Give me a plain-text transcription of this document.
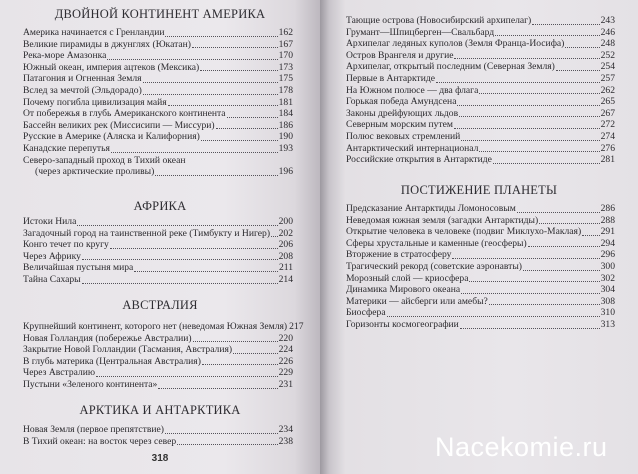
ДВОЙНОЙ КОНТИНЕНТ АМЕРИКА
Америка начинается с Гренландии	162
Великие пирамиды в джунглях (Юкатан)	167
Река-море Амазонка	170
Южный океан, империя ацтеков (Мексика)	173
Патагония и Огненная Земля	175
Вслед за мечтой (Эльдорадо)	178
Почему погибла цивилизация майя	181
От побережья в глубь Американского континента	184
Бассейн великих рек (Миссисипи — Миссури)	186
Русские в Америке (Аляска и Калифорния)	190
Канадские перепутья	193
Северо-западный проход в Тихий океан
(через арктические проливы)	196
АФРИКА
Истоки Нила	200
Загадочный город на таинственной реке (Тимбукту и Нигер) 202
Конго течет по кругу	206
Через Африку	208
Величайшая пустыня мира	211
Тайна Сахары	214
АВСТРАЛИЯ
Крупнейший континент, которого нет (неведомая Южная Земля) 217
Новая Голландия (побережье Австралии)	220
Закрытие Новой Голландии (Тасмания, Австралия)	224
В глубь материка (Центральная Австралия)	226
Через Австралию	229
Пустыни «Зеленого континента»	231
АРКТИКА И АНТАРКТИКА
Новая Земля (первое препятствие)	234
В Тихий океан: на восток через север	238
318
Тающие острова (Новосибирский архипелаг)	243
Грумант—Шпицберген—Свальбард	246
Архипелаг ледяных куполов (Земля Франца-Иосифа)	248
Остров Врангеля и другие	252
Архипелаг, открытый последним (Северная Земля)	254
Первые в Антарктиде	257
На Южном полюсе — два флага	262
Горькая победа Амундсена	265
Законы дрейфующих льдов	267
Северным морским путем	272
Полюс вековых стремлений	274
Антарктический интернационал	276
Российские открытия в Антарктиде	281
ПОСТИЖЕНИЕ ПЛАНЕТЫ
Предсказание Антарктиды Ломоносовым	286
Неведомая южная земля (загадки Антарктиды)	288
Открытие человека в человеке (подвиг Миклухо-Маклая) 291
Сферы хрустальные и каменные (геосферы)	294
Вторжение в стратосферу	296
Трагический рекорд (советские аэронавты)	300
Морозный слой — криосфера	302
Динамика Мирового океана	304
Материки — айсберги или амебы?	308
Биосфера	310
Горизонты космогеографии	313
Nacekomie.ru
